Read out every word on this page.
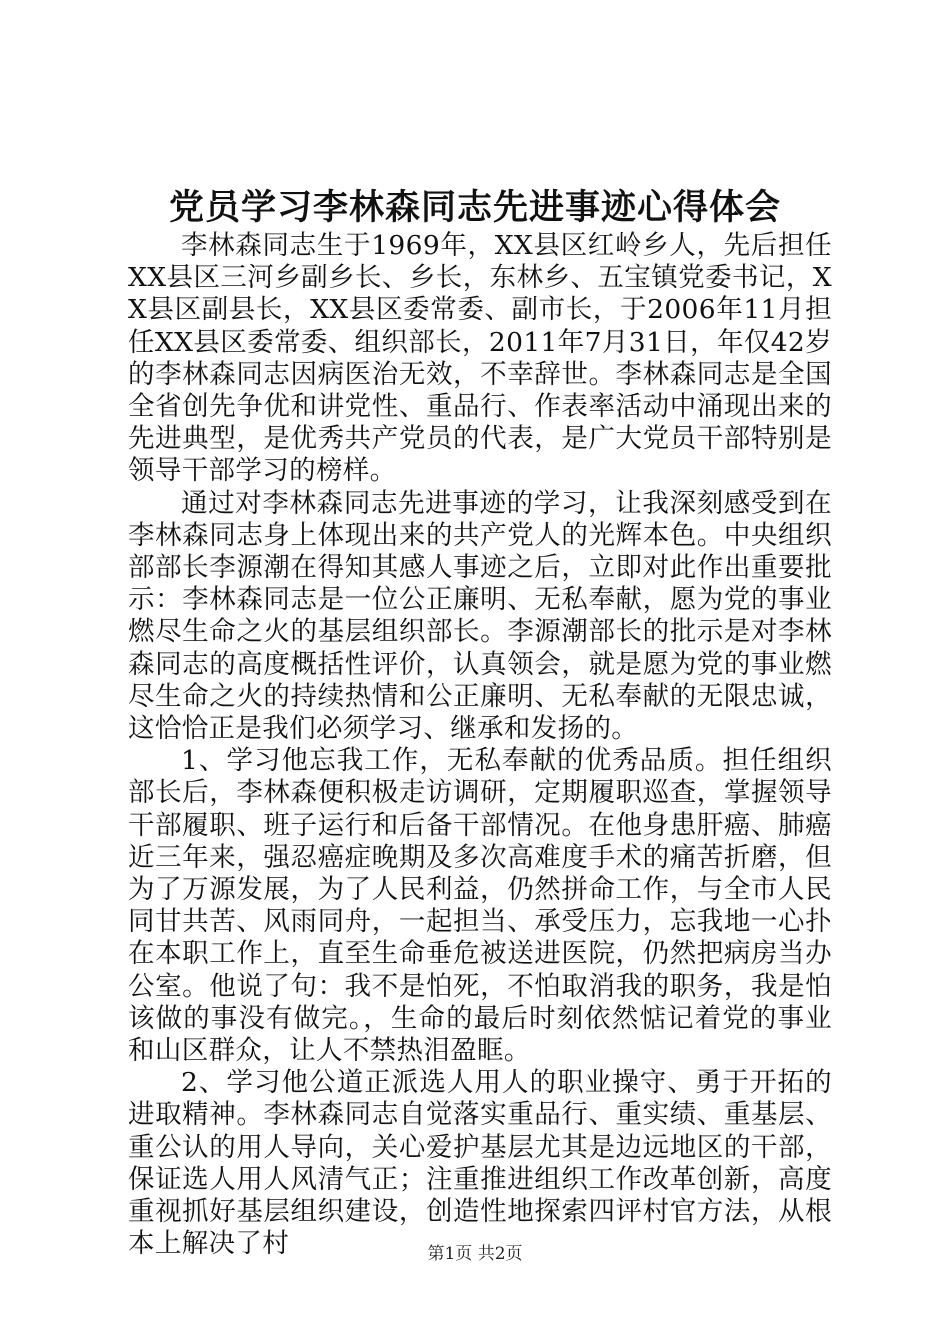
党员学习李林森同志先进事迹心得体会

李林森同志生于1969年，XX县区红岭乡人，先后担任XX县区三河乡副乡长、乡长，东林乡、五宝镇党委书记，XX县区副县长，XX县区委常委、副市长，于2006年11月担任XX县区委常委、组织部长，2011年7月31日，年仅42岁的李林森同志因病医治无效，不幸辞世。李林森同志是全国全省创先争优和讲党性、重品行、作表率活动中涌现出来的先进典型，是优秀共产党员的代表，是广大党员干部特别是领导干部学习的榜样。

通过对李林森同志先进事迹的学习，让我深刻感受到在李林森同志身上体现出来的共产党人的光辉本色。中央组织部部长李源潮在得知其感人事迹之后，立即对此作出重要批示：李林森同志是一位公正廉明、无私奉献，愿为党的事业燃尽生命之火的基层组织部长。李源潮部长的批示是对李林森同志的高度概括性评价，认真领会，就是愿为党的事业燃尽生命之火的持续热情和公正廉明、无私奉献的无限忠诚，这恰恰正是我们必须学习、继承和发扬的。

1、学习他忘我工作，无私奉献的优秀品质。担任组织部长后，李林森便积极走访调研，定期履职巡查，掌握领导干部履职、班子运行和后备干部情况。在他身患肝癌、肺癌近三年来，强忍癌症晚期及多次高难度手术的痛苦折磨，但为了万源发展，为了人民利益，仍然拼命工作，与全市人民同甘共苦、风雨同舟，一起担当、承受压力，忘我地一心扑在本职工作上，直至生命垂危被送进医院，仍然把病房当办公室。他说了句：我不是怕死，不怕取消我的职务，我是怕该做的事没有做完。，生命的最后时刻依然惦记着党的事业和山区群众，让人不禁热泪盈眶。

2、学习他公道正派选人用人的职业操守、勇于开拓的进取精神。李林森同志自觉落实重品行、重实绩、重基层、重公认的用人导向，关心爱护基层尤其是边远地区的干部，保证选人用人风清气正；注重推进组织工作改革创新，高度重视抓好基层组织建设，创造性地探索四评村官方法，从根本上解决了村	第1页 共2页
